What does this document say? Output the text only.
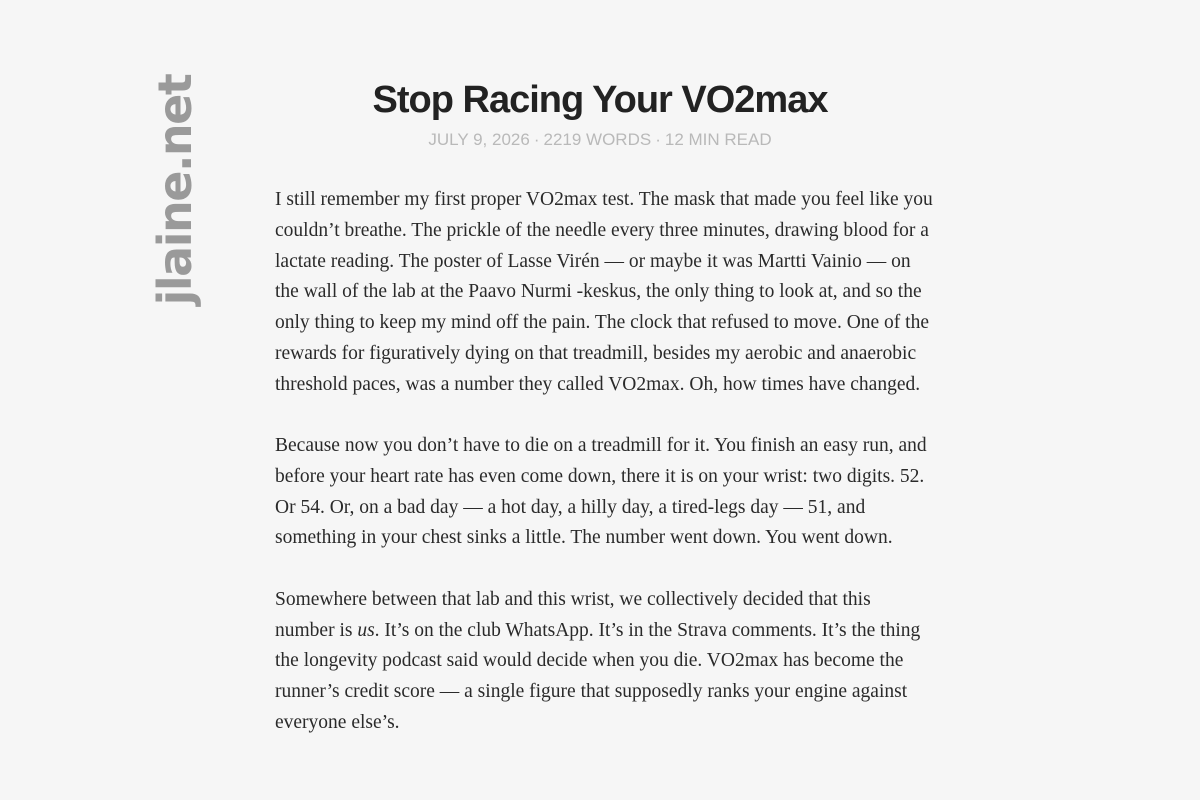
jlaine.net	Stop Racing Your VO2max
JULY 9, 2026 · 2219 WORDS · 12 MIN READ

I still remember my first proper VO2max test. The mask that made you feel like you couldn’t breathe. The prickle of the needle every three minutes, drawing blood for a lactate reading. The poster of Lasse Virén — or maybe it was Martti Vainio — on the wall of the lab at the Paavo Nurmi -keskus, the only thing to look at, and so the only thing to keep my mind off the pain. The clock that refused to move. One of the rewards for figuratively dying on that treadmill, besides my aerobic and anaerobic threshold paces, was a number they called VO2max. Oh, how times have changed.

Because now you don’t have to die on a treadmill for it. You finish an easy run, and before your heart rate has even come down, there it is on your wrist: two digits. 52. Or 54. Or, on a bad day — a hot day, a hilly day, a tired-legs day — 51, and something in your chest sinks a little. The number went down. You went down.

Somewhere between that lab and this wrist, we collectively decided that this number is us. It’s on the club WhatsApp. It’s in the Strava comments. It’s the thing the longevity podcast said would decide when you die. VO2max has become the runner’s credit score — a single figure that supposedly ranks your engine against everyone else’s.
